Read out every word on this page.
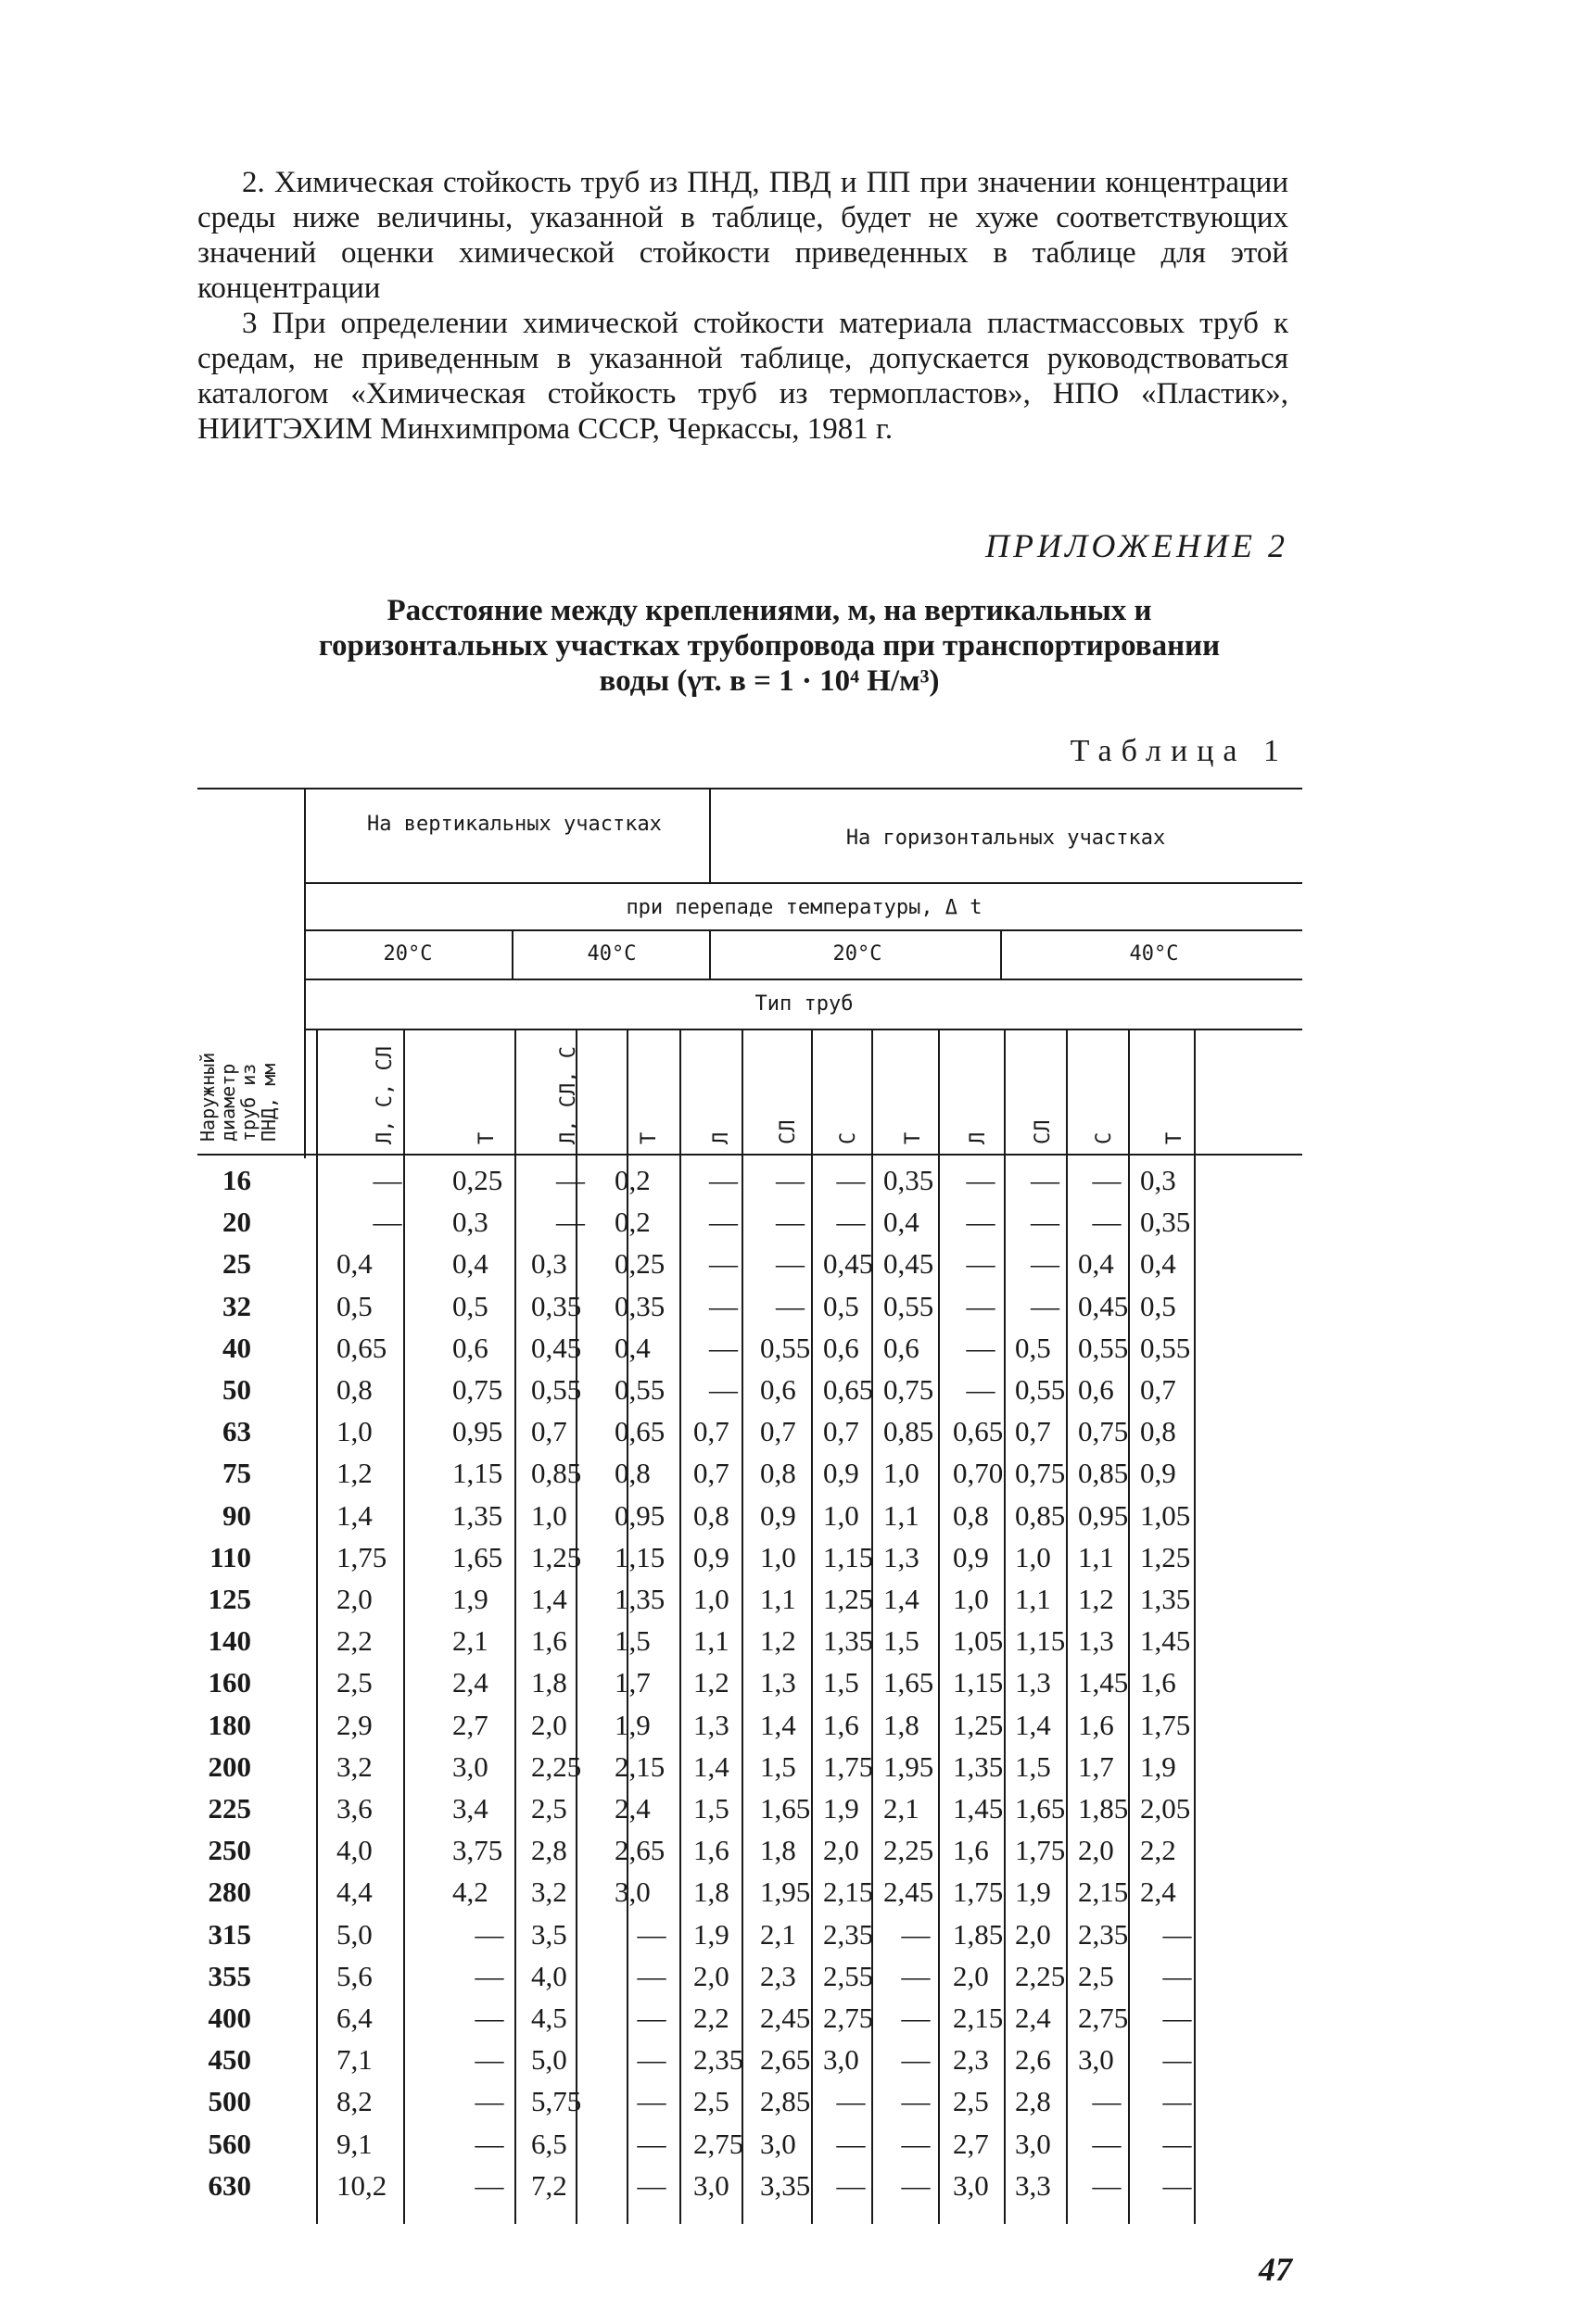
2. Химическая стойкость труб из ПНД, ПВД и ПП при значении концентрации среды ниже величины, указанной в таблице, будет не хуже соответствующих значений оценки химической стойкости приведенных в таблице для этой концентрации

3 При определении химической стойкости материала пластмассовых труб к средам, не приведенным в указанной таблице, допускается руководствоваться каталогом «Химическая стойкость труб из термопластов», НПО «Пластик», НИИТЭХИМ Минхимпрома СССР, Черкассы, 1981 г.

ПРИЛОЖЕНИЕ 2
Расстояние между креплениями, м, на вертикальных и
горизонтальных участках трубопровода при транспортировании
воды (γт. в = 1 · 10⁴ Н/м³)
Таблица 1
На вертикальных участках
На горизонтальных участках
при перепаде температуры, Δ t
20°C	40°C	20°C	40°C
Тип труб
Наружный диаметр труб из ПНД, мм	Л, С, СЛ	Т	Л, СЛ, С	Т Л СЛ С Т Л СЛ С Т
16	—	0,25	—	0,2	—	—	— 0,35	—	—	— 0,3
20	—	0,3	—	0,2	—	—	— 0,4	—	—	— 0,35
25	0,4	0,4	0,3	0,25	—	— 0,45 0,45	—	— 0,4 0,4
32	0,5	0,5	0,35	0,35	—	— 0,5 0,55	—	— 0,45 0,5
40	0,65	0,6	0,45	0,4	— 0,55 0,6 0,6	— 0,5 0,55 0,55
50	0,8	0,75 0,55	0,55	— 0,6 0,65 0,75	— 0,55 0,6 0,7
63	1,0	0,95 0,7	0,65 0,7	0,7 0,7 0,85 0,65 0,7 0,75 0,8
75	1,2	1,15 0,85	0,8	0,7	0,8 0,9 1,0	0,70 0,75 0,85 0,9
90	1,4	1,35 1,0	0,95 0,8	0,9 1,0 1,1	0,8 0,85 0,95 1,05
110	1,75	1,65 1,25	1,15 0,9	1,0 1,15 1,3	0,9 1,0 1,1 1,25
125	2,0	1,9	1,4	1,35 1,0	1,1 1,25 1,4	1,0 1,1 1,2 1,35
140	2,2	2,1	1,6	1,5	1,1	1,2 1,35 1,5	1,05 1,15 1,3 1,45
160	2,5	2,4	1,8	1,7	1,2	1,3 1,5 1,65 1,15 1,3 1,45 1,6
180	2,9	2,7	2,0	1,9	1,3	1,4 1,6 1,8	1,25 1,4 1,6 1,75
200	3,2	3,0	2,25	2,15 1,4	1,5 1,75 1,95 1,35 1,5 1,7 1,9
225	3,6	3,4	2,5	2,4	1,5	1,65 1,9 2,1	1,45 1,65 1,85 2,05
250	4,0	3,75 2,8	2,65 1,6	1,8 2,0 2,25 1,6 1,75 2,0 2,2
280	4,4	4,2	3,2	3,0	1,8	1,95 2,15 2,45 1,75 1,9 2,15 2,4
315	5,0	— 3,5	— 1,9	2,1 2,35 — 1,85 2,0 2,35	—
355	5,6	— 4,0	— 2,0	2,3 2,55 — 2,0 2,25 2,5	—
400	6,4	— 4,5	— 2,2	2,45 2,75 — 2,15 2,4 2,75	—
450	7,1	— 5,0	— 2,35 2,65 3,0	— 2,3 2,6 3,0	—
500	8,2	— 5,75	— 2,5	2,85 —	— 2,5 2,8	—	—
560	9,1	— 6,5	— 2,75 3,0	—	— 2,7 3,0	—	—
630	10,2	— 7,2	— 3,0	3,35 —	— 3,0 3,3	—	—
47
